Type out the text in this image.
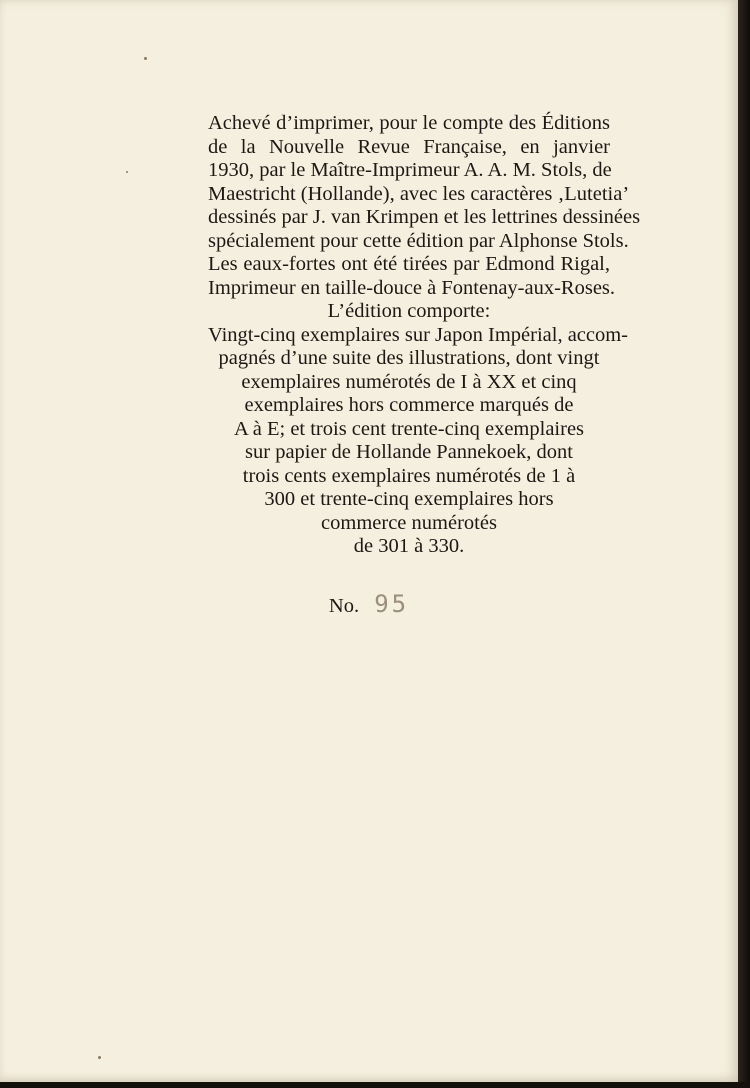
Achevé d’imprimer, pour le compte des Éditions
de la Nouvelle Revue Française, en janvier
1930, par le Maître-Imprimeur A. A. M. Stols, de
Maestricht (Hollande), avec les caractères ‚Lutetia’
dessinés par J. van Krimpen et les lettrines dessinées
spécialement pour cette édition par Alphonse Stols.
Les eaux-fortes ont été tirées par Edmond Rigal,
Imprimeur en taille-douce à Fontenay-aux-Roses.
L’édition comporte:
Vingt-cinq exemplaires sur Japon Impérial, accom-
pagnés d’une suite des illustrations, dont vingt
exemplaires numérotés de I à XX et cinq
exemplaires hors commerce marqués de
A à E; et trois cent trente-cinq exemplaires
sur papier de Hollande Pannekoek, dont
trois cents exemplaires numérotés de 1 à
300 et trente-cinq exemplaires hors
commerce numérotés
de 301 à 330.
No. 95
